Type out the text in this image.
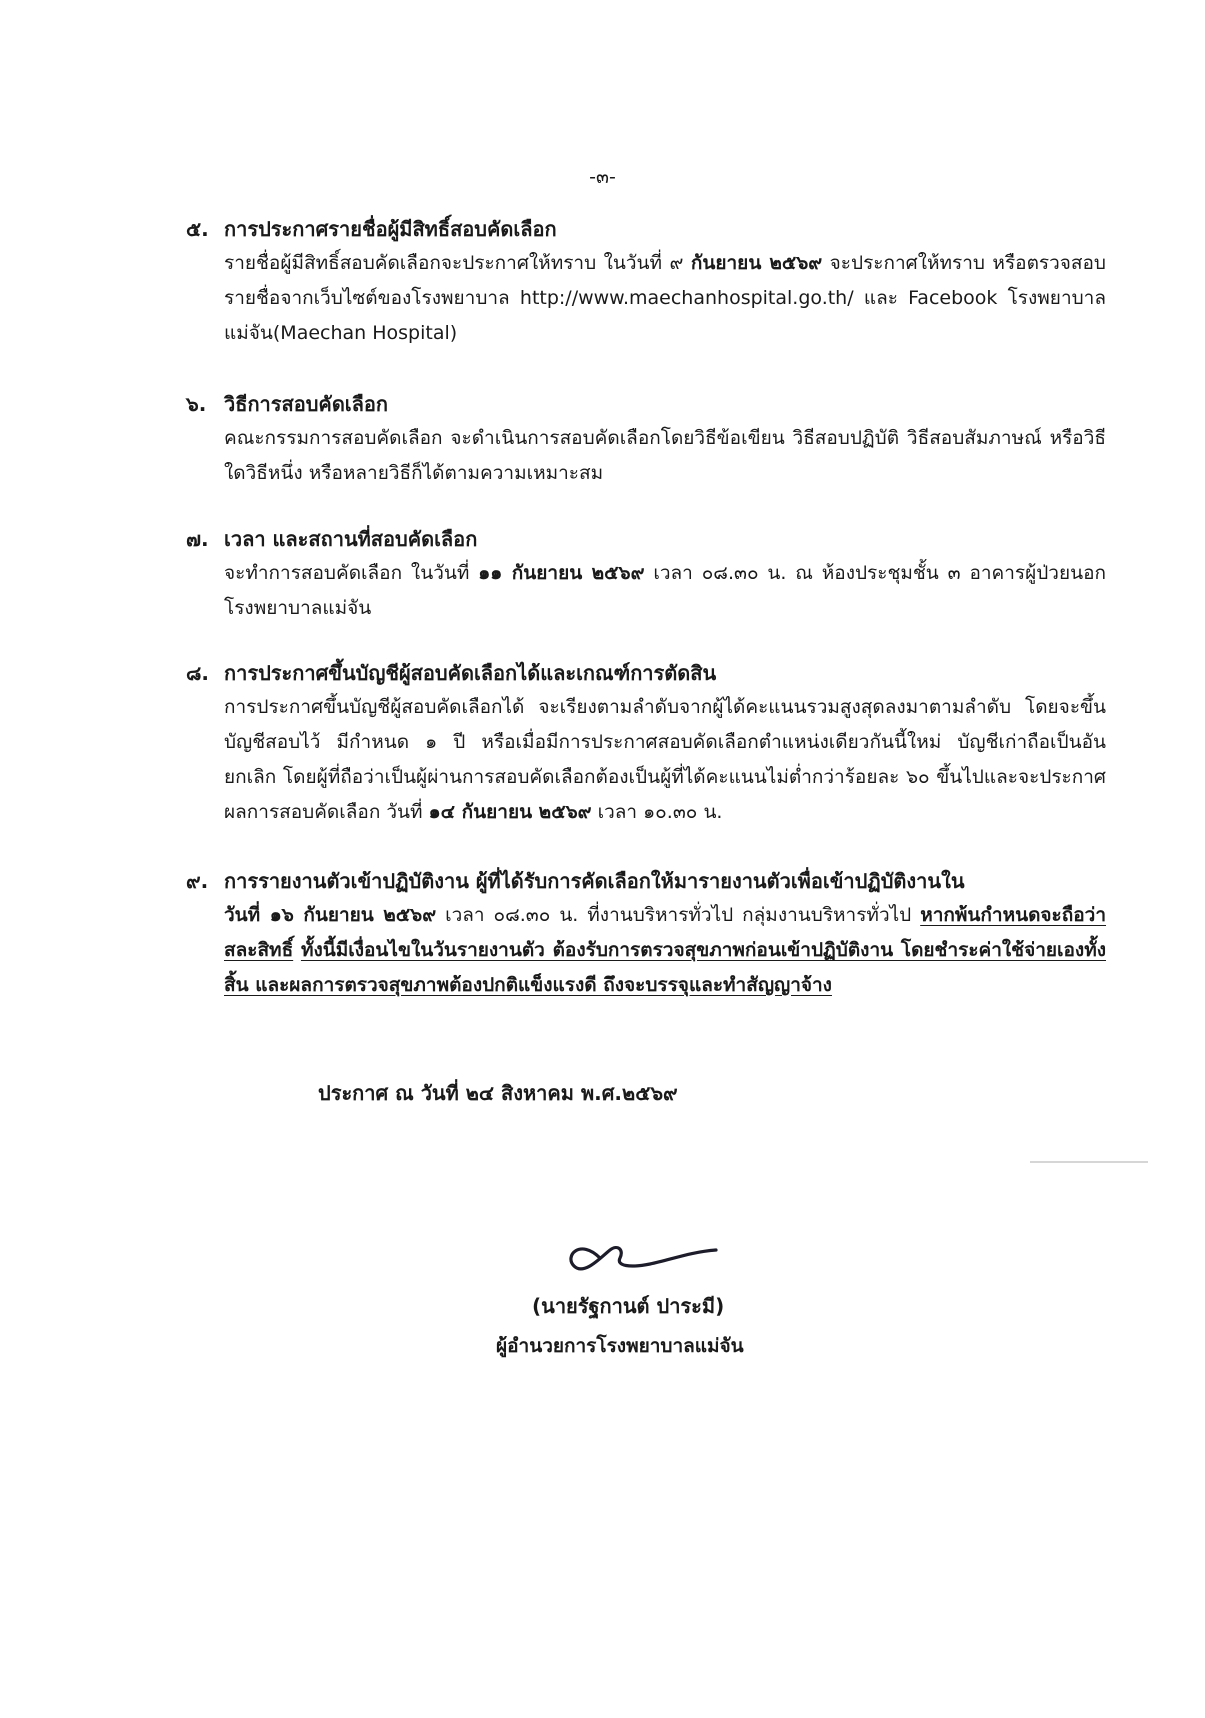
-๓-
๕. การประกาศรายชื่อผู้มีสิทธิ์สอบคัดเลือก

รายชื่อผู้มีสิทธิ์สอบคัดเลือกจะประกาศให้ทราบ ในวันที่ ๙ กันยายน ๒๕๖๙ จะประกาศให้ทราบ หรือตรวจสอบรายชื่อจากเว็บไซต์ของโรงพยาบาล http://www.maechanhospital.go.th/ และ Facebook โรงพยาบาลแม่จัน(Maechan Hospital)

๖. วิธีการสอบคัดเลือก

คณะกรรมการสอบคัดเลือก จะดำเนินการสอบคัดเลือกโดยวิธีข้อเขียน วิธีสอบปฏิบัติ วิธีสอบสัมภาษณ์ หรือวิธีใดวิธีหนึ่ง หรือหลายวิธีก็ได้ตามความเหมาะสม

๗. เวลา และสถานที่สอบคัดเลือก

จะทำการสอบคัดเลือก ในวันที่ ๑๑ กันยายน ๒๕๖๙ เวลา ๐๘.๓๐ น. ณ ห้องประชุมชั้น ๓ อาคารผู้ป่วยนอก โรงพยาบาลแม่จัน

๘. การประกาศขึ้นบัญชีผู้สอบคัดเลือกได้และเกณฑ์การตัดสิน

การประกาศขึ้นบัญชีผู้สอบคัดเลือกได้ จะเรียงตามลำดับจากผู้ได้คะแนนรวมสูงสุดลงมาตามลำดับ โดยจะขึ้นบัญชีสอบไว้ มีกำหนด ๑ ปี หรือเมื่อมีการประกาศสอบคัดเลือกตำแหน่งเดียวกันนี้ใหม่ บัญชีเก่าถือเป็นอันยกเลิก โดยผู้ที่ถือว่าเป็นผู้ผ่านการสอบคัดเลือกต้องเป็นผู้ที่ได้คะแนนไม่ต่ำกว่าร้อยละ ๖๐ ขึ้นไปและจะประกาศผลการสอบคัดเลือก วันที่ ๑๔ กันยายน ๒๕๖๙ เวลา ๑๐.๓๐ น.

๙. การรายงานตัวเข้าปฏิบัติงาน ผู้ที่ได้รับการคัดเลือกให้มารายงานตัวเพื่อเข้าปฏิบัติงานใน

วันที่ ๑๖ กันยายน ๒๕๖๙ เวลา ๐๘.๓๐ น. ที่งานบริหารทั่วไป กลุ่มงานบริหารทั่วไป หากพ้นกำหนดจะถือว่าสละสิทธิ์ ทั้งนี้มีเงื่อนไขในวันรายงานตัว ต้องรับการตรวจสุขภาพก่อนเข้าปฏิบัติงาน โดยชำระค่าใช้จ่ายเองทั้งสิ้น และผลการตรวจสุขภาพต้องปกติแข็งแรงดี ถึงจะบรรจุและทำสัญญาจ้าง

ประกาศ ณ วันที่ ๒๔ สิงหาคม พ.ศ.๒๕๖๙
(นายรัฐกานต์ ปาระมี)
ผู้อำนวยการโรงพยาบาลแม่จัน
